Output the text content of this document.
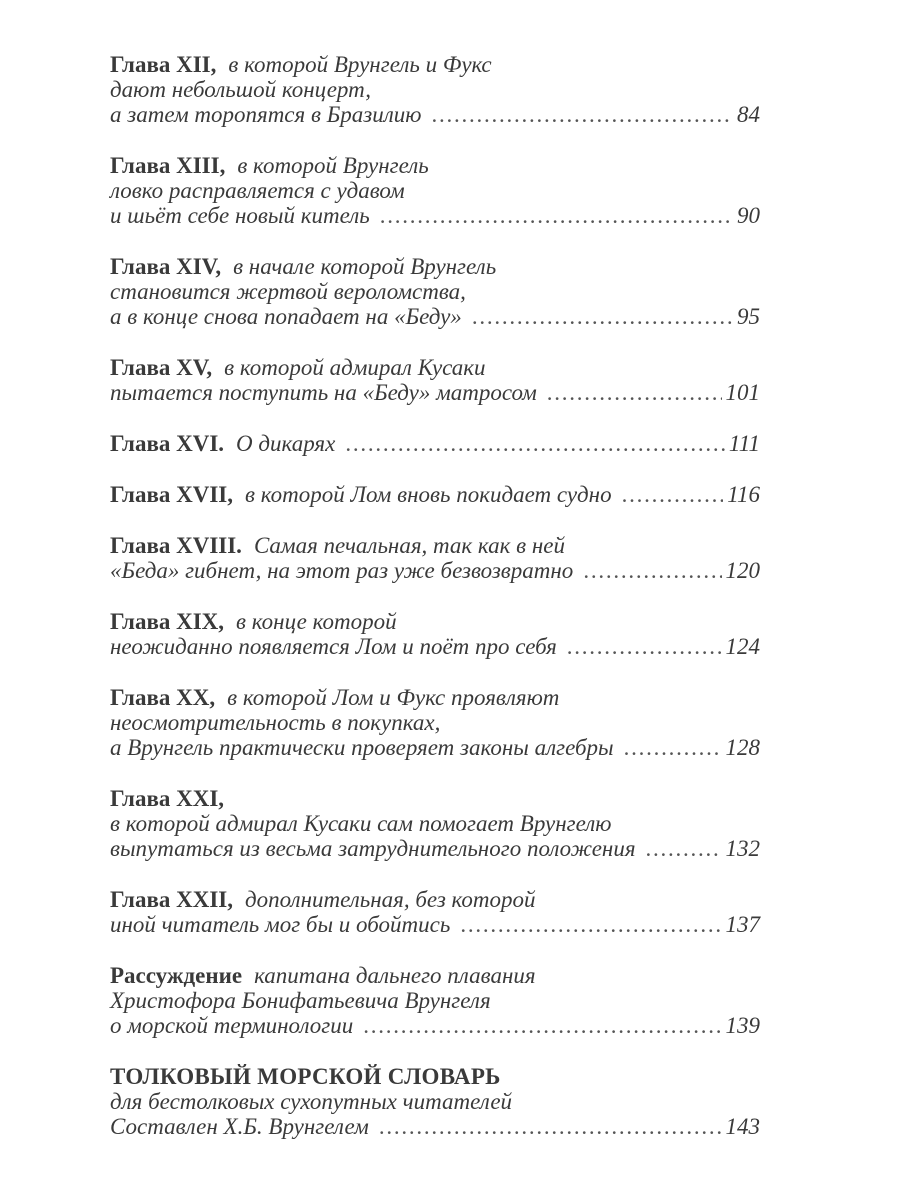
Глава XII, в которой Врунгель и Фукс
дают небольшой концерт,
а затем торопятся в Бразилию . . .	84
Глава XIII, в которой Врунгель
ловко расправляется с удавом
и шьёт себе новый китель . . .	90
Глава XIV, в начале которой Врунгель
становится жертвой вероломства,
а в конце снова попадает на «Беду» . . .	95
Глава XV, в которой адмирал Кусаки
пытается поступить на «Беду» матросом . . .	101
Глава XVI. О дикарях . . .	111
Глава XVII, в которой Лом вновь покидает судно . . .	116
Глава XVIII. Самая печальная, так как в ней
«Беда» гибнет, на этот раз уже безвозвратно . . .	120
Глава XIX, в конце которой
неожиданно появляется Лом и поёт про себя . . .	124
Глава XX, в которой Лом и Фукс проявляют
неосмотрительность в покупках,
а Врунгель практически проверяет законы алгебры . . .	128
Глава XXI,
в которой адмирал Кусаки сам помогает Врунгелю
выпутаться из весьма затруднительного положения . . .	132
Глава XXII, дополнительная, без которой
иной читатель мог бы и обойтись . . .	137
Рассуждение капитана дальнего плавания
Христофора Бонифатьевича Врунгеля
о морской терминологии . . .	139
ТОЛКОВЫЙ МОРСКОЙ СЛОВАРЬ
для бестолковых сухопутных читателей
Составлен Х.Б. Врунгелем . . .	143
